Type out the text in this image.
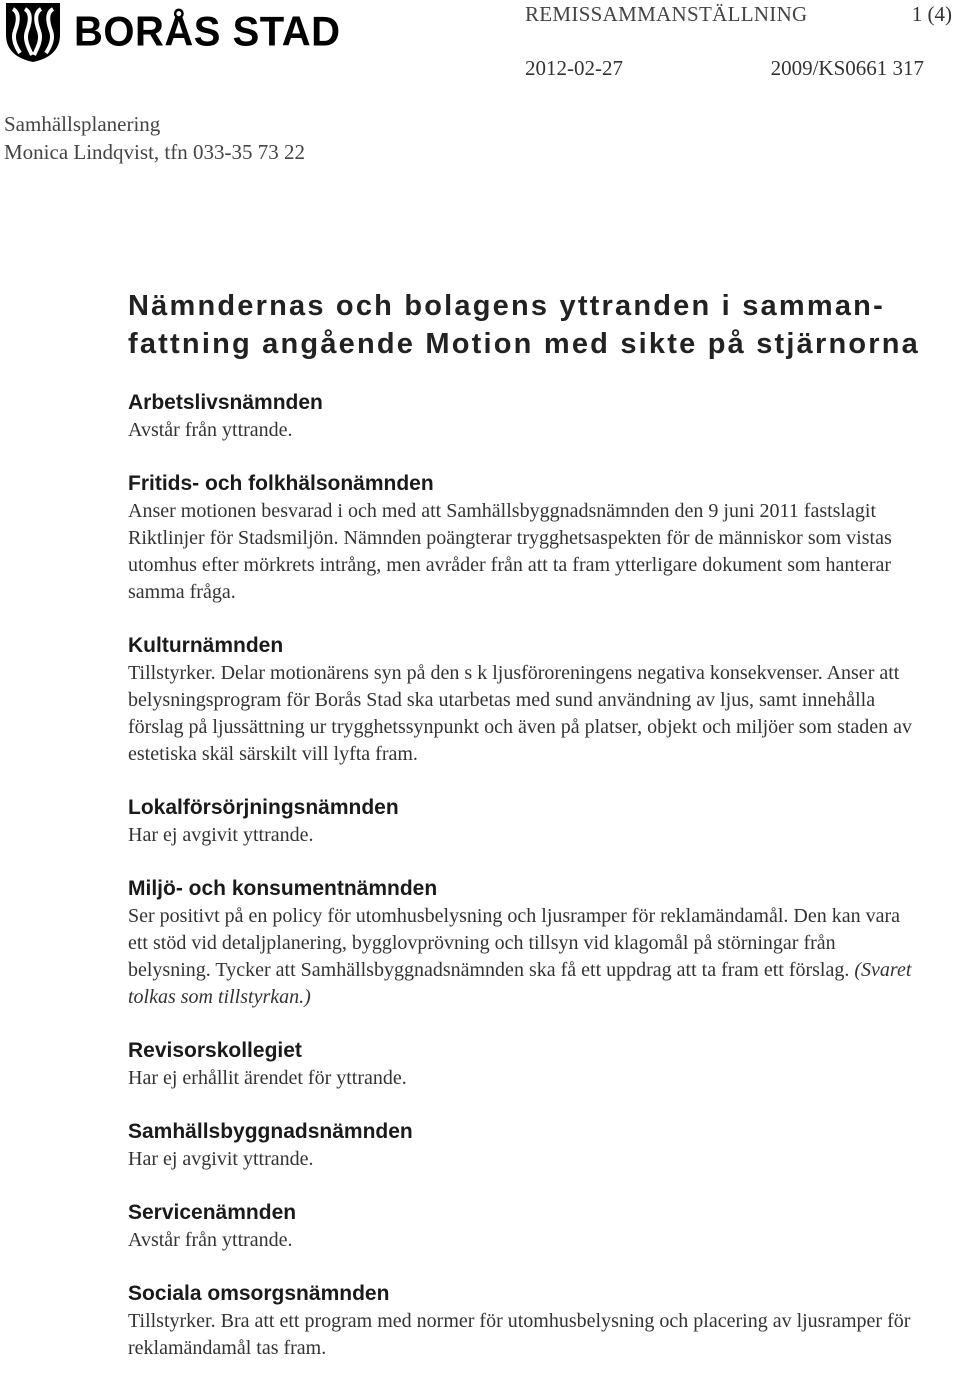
BORÅS STAD	REMISSAMMANSTÄLLNING	1 (4)
2012-02-27	2009/KS0661 317
Samhällsplanering
Monica Lindqvist, tfn 033-35 73 22
Nämndernas och bolagens yttranden i samman-
fattning angående Motion med sikte på stjärnorna
Arbetslivsnämnden

Avstår från yttrande.

Fritids- och folkhälsonämnden

Anser motionen besvarad i och med att Samhällsbyggnadsnämnden den 9 juni 2011 fastslagit Riktlinjer för Stadsmiljön. Nämnden poängterar trygghetsaspekten för de människor som vistas utomhus efter mörkrets intrång, men avråder från att ta fram ytterligare dokument som hanterar samma fråga.

Kulturnämnden

Tillstyrker. Delar motionärens syn på den s k ljusföroreningens negativa konsekvenser. Anser att belysningsprogram för Borås Stad ska utarbetas med sund användning av ljus, samt innehålla förslag på ljussättning ur trygghetssynpunkt och även på platser, objekt och miljöer som staden av estetiska skäl särskilt vill lyfta fram.

Lokalförsörjningsnämnden

Har ej avgivit yttrande.

Miljö- och konsumentnämnden

Ser positivt på en policy för utomhusbelysning och ljusramper för reklamändamål. Den kan vara ett stöd vid detaljplanering, bygglovprövning och tillsyn vid klagomål på störningar från belysning. Tycker att Samhällsbyggnadsnämnden ska få ett uppdrag att ta fram ett förslag. (Svaret tolkas som tillstyrkan.)

Revisorskollegiet

Har ej erhållit ärendet för yttrande.

Samhällsbyggnadsnämnden

Har ej avgivit yttrande.

Servicenämnden

Avstår från yttrande.

Sociala omsorgsnämnden

Tillstyrker. Bra att ett program med normer för utomhusbelysning och placering av ljusramper för reklamändamål tas fram.
